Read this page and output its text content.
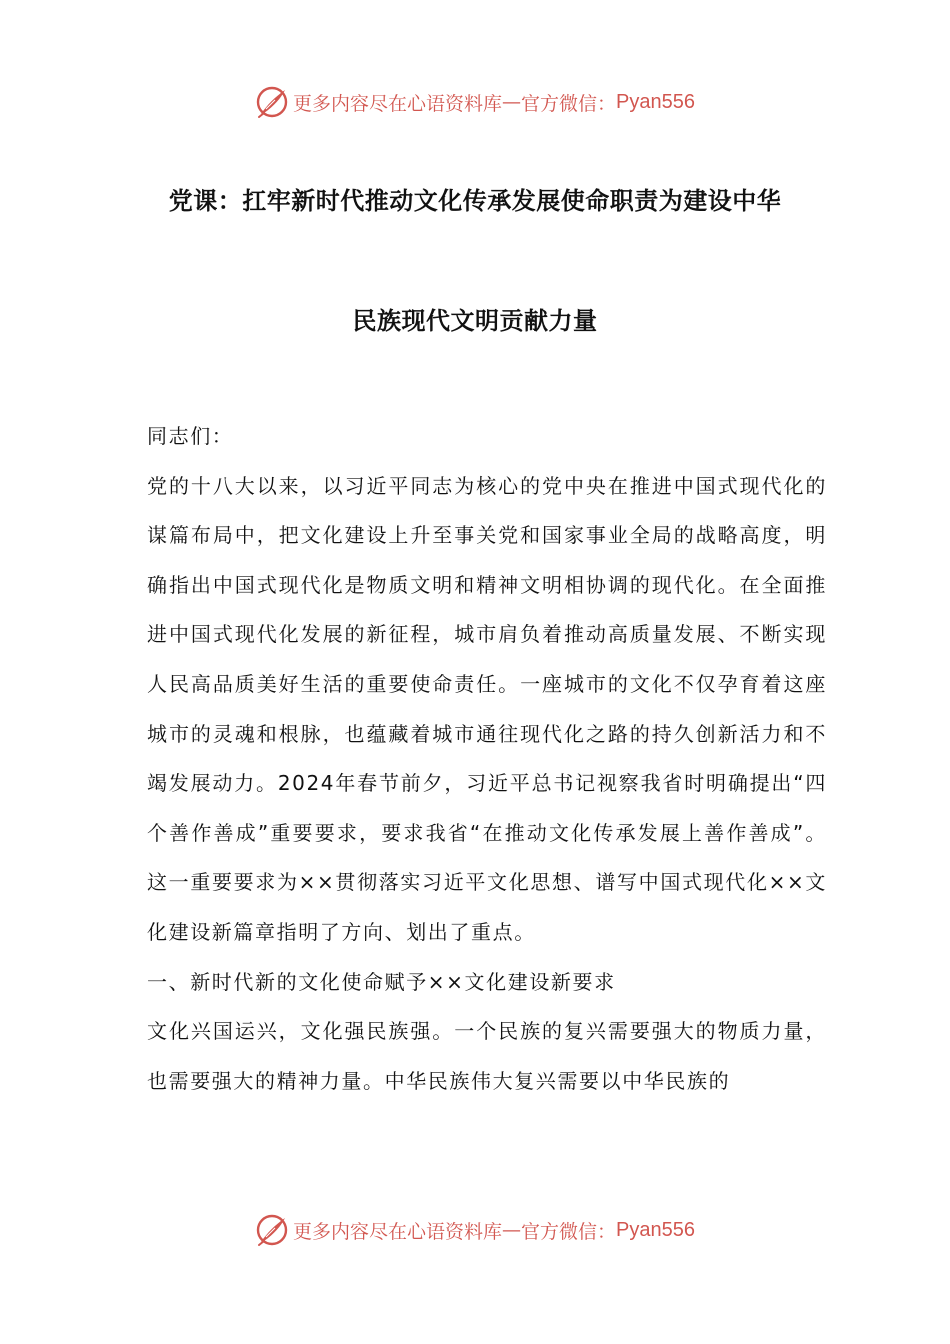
更多内容尽在心语资料库 — 官方微信： Pyan556
党课：扛牢新时代推动文化传承发展使命职责为建设中华
民族现代文明贡献力量

同志们：

党的十八大以来，以习近平同志为核心的党中央在推进中国式现代化的谋篇布局中，把文化建设上升至事关党和国家事业全局的战略高度，明确指出中国式现代化是物质文明和精神文明相协调的现代化。在全面推进中国式现代化发展的新征程，城市肩负着推动高质量发展、不断实现人民高品质美好生活的重要使命责任。一座城市的文化不仅孕育着这座城市的灵魂和根脉，也蕴藏着城市通往现代化之路的持久创新活力和不竭发展动力。2024年春节前夕，习近平总书记视察我省时明确提出“四个善作善成”重要要求，要求我省“在推动文化传承发展上善作善成”。这一重要要求为××贯彻落实习近平文化思想、谱写中国式现代化××文化建设新篇章指明了方向、划出了重点。

一、新时代新的文化使命赋予××文化建设新要求

文化兴国运兴，文化强民族强。一个民族的复兴需要强大的物质力量，也需要强大的精神力量。中华民族伟大复兴需要以中华民族的

更多内容尽在心语资料库 — 官方微信： Pyan556
